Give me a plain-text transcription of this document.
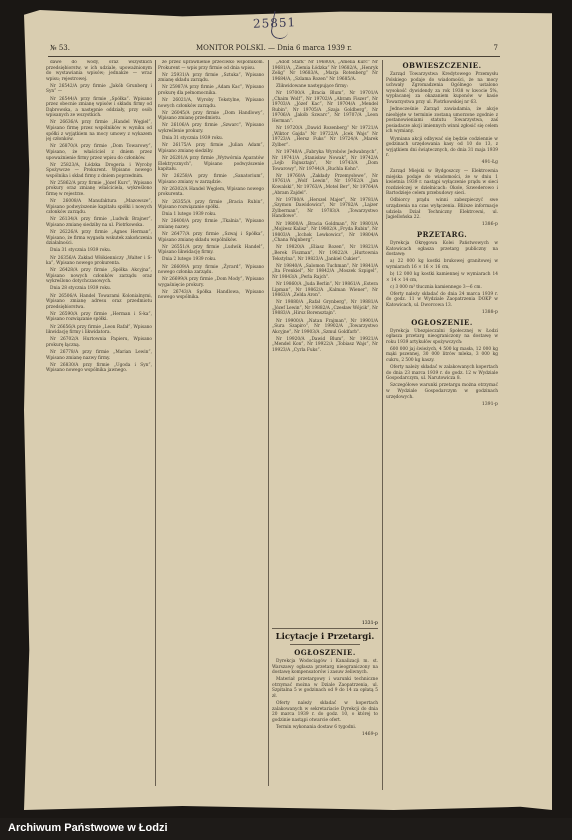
25851
№ 53.	MONITOR POLSKI. — Dnia 6 marca 1939 r.	7

dawe do wody, oraz wszystkich przedsiębiorstw, w ich udziale, upoważnionym do wystawiania wpisów; jednakże — wraz wpisu; rejestrowej.

Nr 26542/A przy firmie „Jakób Grunberg i Syn” —

Nr 26544/A przy firmie „Spółka”. Wpisano przez obecnie zmianę wpisów i składu firmy od Dąbrowska, a następnie oddziały, przy osób wpisanych ze wszystkich.

Nr 26636/A przy firmie „Handel Węgiel”, Wpisano firmę przez wspólników w wyniku od spółki z wyjątkiem na mocy umowy z wykazem jej członków.

Nr 26870/A przy firmie „Dom Towarowy”, Wpisano, że właściciel z dniem przez upoważnienie firmy przez wpisu do członków.

Nr 25823/A, Łódzka Drogeria i Wyroby Spożywcze — Prokurent. Wpisano nowego wspólnika i skład firmy z dniem poprzednim.

Nr 25862/A przy firmie „Józef Kurc”, Wpisano prokury oraz zmianę właściciela, wykreślono firmę w rejestrze.

Nr 26008/A Manufaktura „Mazowsze”, Wpisano podwyższenie kapitału spółki i nowych członków zarządu.

Nr 26134/A przy firmie „Ludwik Brajner”, Wpisano zmianę siedziby na ul. Piotrkowska.

Nr 26226/A przy firmie „Agnes Herman”, Wpisano, że firma wygasła wskutek zakończenia działalności.

Dnia 31 stycznia 1939 roku.

Nr 26356/A Zakład Włókienniczy „Walter i S-ka”, Wpisano nowego prokurenta.

Nr 26428/A przy firmie „Spółka Akcyjna”, Wpisano nowych członków zarządu oraz wykreślono dotychczasowych.

Dnia 28 stycznia 1939 roku.

Nr 26506/A Handel Towarami Kolonialnymi, Wpisano zmianę adresu oraz przedmiotu przedsiębiorstwa.

Nr 26590/A przy firmie „Herman i S-ka”, Wpisano rozwiązanie spółki.

Nr 26656/A przy firmie „Leon Rafał”, Wpisano likwidację firmy i likwidatora.

Nr 26702/A Hurtownia Papieru, Wpisano prokurę łączną.

Nr 26778/A przy firmie „Marian Lewin”, Wpisano zmianę nazwy firmy.

Nr 26830/A przy firmie „Ugoda i Syn”, Wpisano nowego wspólnika jawnego.

ze przez uprawnienie przeciwko wspólnikom. Prokurent — wpis przy firmie od dnia wpisu.

Nr 25931/A przy firmie „Sztuka”, Wpisano zmianę składu zarządu.

Nr 25987/A przy firmie „Adam Kac”, Wpisano prokurę dla pełnomocnika.

Nr 26021/A, Wyroby Tekstylne, Wpisano nowych członków zarządu.

Nr 26045/A przy firmie „Dom Handlowy”, Wpisano zmianę przedmiotu.

Nr 26106/A przy firmie „Szwarc”, Wpisano wykreślenie prokury.

Dnia 31 stycznia 1939 roku.

Nr 26175/A przy firmie „Julian Adam”, Wpisano zmianę siedziby.

Nr 26201/A przy firmie „Wytwórnia Aparatów Elektrycznych”, Wpisano podwyższenie kapitału.

Nr 26258/A przy firmie „Sanatorium”, Wpisano zmiany w zarządzie.

Nr 26302/A Handel Węglem, Wpisano nowego prokurenta.

Nr 26355/A przy firmie „Bracia Rubin”, Wpisano rozwiązanie spółki.

Dnia 1 lutego 1939 roku.

Nr 26400/A przy firmie „Tkalnia”, Wpisano zmianę nazwy.

Nr 26477/A przy firmie „Szwaj i Spółka”, Wpisano zmianę składu wspólników.

Nr 26551/A przy firmie „Ludwik Handel”, Wpisano likwidację firmy.

Dnia 2 lutego 1939 roku.

Nr 26609/A przy firmie „Żyrard”, Wpisano nowego członka zarządu.

Nr 26699/A przy firmie „Dom Mody”, Wpisano wygaśnięcie prokury.

Nr 26743/A Spółka Handlowa, Wpisano nowego wspólnika.

„Adolf Stark” Nr 19680/A, „Amelia Kurc” Nr 19681/A, „Ziemia Łódzka” Nr 19682/A, „Henryk Zelig” Nr 19683/A, „Marja Rotenberg” Nr 19684/A, „Szlama Rozen” Nr 19685/A.

Zlikwidowane następujące firmy:

Nr 19700/A „Bracia Blum”, Nr 19701/A „Chaim Wolf”, Nr 19702/A „Abram Fiszer”, Nr 19703/A „Józef Kac”, Nr 19704/A „Mendel Rubin”, Nr 19705/A „Szaja Goldberg”, Nr 19706/A „Jakób Szwarc”, Nr 19707/A „Leon Herman”.

Nr 19720/A „Dawid Rozenberg” Nr 19721/A „Wiktor Gajda” Nr 19722/A „Icek Wajs” Nr 19723/A „Hersz Fuks” Nr 19724/A „Marek Zylber”.

Nr 19740/A „Fabryka Wyrobów Jedwabnych”, Nr 19741/A „Stanisław Nowak”, Nr 19742/A „Lejb Fajnsztajn”, Nr 19743/A „Dom Towarowy”, Nr 19744/A „Ruchla Kohn”.

Nr 19760/A „Zakłady Przemysłowe”, Nr 19761/A „Wolf Lewin”, Nr 19762/A „Jan Kowalski”, Nr 19763/A „Motel Ber”, Nr 19764/A „Abram Zajdel”.

Nr 19780/A „Herszel Majer”, Nr 19781/A „Szymon Dawidowicz”, Nr 19782/A „Lajzer Zylberman”, Nr 19783/A „Towarzystwo Handlowe”.

Nr 19800/A „Bracia Goldman”, Nr 19801/A „Mojżesz Kalisz”, Nr 19802/A „Fryda Rubin”, Nr 19803/A „Icchok Lewkowicz”, Nr 19804/A „Chana Wajnberg”.

Nr 19820/A „Eliasz Rozen”, Nr 19821/A „Berek Fiszman”, Nr 19822/A „Hurtownia Tekstylna”, Nr 19823/A „Jankiel Cukier”.

Nr 19840/A „Salomon Tuchman”, Nr 19841/A „Ita Frenkiel”, Nr 19842/A „Moszek Szpigel”, Nr 19843/A „Perla Rajch”.

Nr 19860/A „Juda Berlin”, Nr 19861/A „Estera Lipman”, Nr 19862/A „Kalman Wiener”, Nr 19863/A „Zelda Aron”.

Nr 19880/A „Rafał Grynberg”, Nr 19881/A „Józef Lewin”, Nr 19882/A „Czesław Wójcik”, Nr 19883/A „Hirsz Borensztajn”.

Nr 19900/A „Natan Frajman”, Nr 19901/A „Sura Szapiro”, Nr 19902/A „Towarzystwo Akcyjne”, Nr 19903/A „Szmul Goldfarb”.

Nr 19920/A „Dawid Blum”, Nr 19921/A „Mendel Kon”, Nr 19922/A „Tobiasz Wajs”, Nr 19923/A „Cyrla Fuks”.

1331-p
Licytacje i Przetargi.
OGŁOSZENIE.

Dyrekcja Wodociągów i Kanalizacji m. st. Warszawy ogłasza przetarg nieograniczony na dostawę kompensatorów i zasuw żeliwnych.

Materiał przetargowy i warunki techniczne otrzymać można w Dziale Zaopatrzenia, ul. Szpitalna 5 w godzinach od 9 do 14 za opłatą 5 zł.

Oferty należy składać w kopertach zalakowanych w sekretariacie Dyrekcji do dnia 20 marca 1939 r. do godz. 10, o której to godzinie nastąpi otwarcie ofert.

Termin wykonania dostaw 6 tygodni.

1469-p
OBWIESZCZENIE.

Zarząd Towarzystwa Kredytowego Przemysłu Polskiego podaje do wiadomości, że na mocy uchwały Zgromadzenia Ogólnego ustalono wysokość dywidendy za rok 1938 w kwocie 5%, wypłacanej za okazaniem kuponów w kasie Towarzystwa przy ul. Piotrkowskiej nr 63.

Jednocześnie Zarząd zawiadamia, że akcje nieobjęte w terminie zostaną umorzone zgodnie z postanowieniami statutu Towarzystwa, zaś posiadacze akcji imiennych winni zgłosić się celem ich wymiany.

Wymiana akcji odbywać się będzie codziennie w godzinach urzędowania kasy od 10 do 13, z wyjątkiem dni świątecznych, do dnia 31 maja 1939 r.

491-Łg

Zarząd Miejski w Bydgoszczy — Elektrownia miejska podaje do wiadomości, że w dniu 1 kwietnia 1939 r. nastąpi wyłączenie prądu w sieci rozdzielczej w dzielnicach: Okole, Szwederowo i Bartodzieje celem przebudowy sieci.

Odbiorcy prądu winni zabezpieczyć swe urządzenia na czas wyłączenia. Bliższe informacje udziela Dział Techniczny Elektrowni, ul. Jagiellońska 22.

1386-p
PRZETARG.

Dyrekcja Okręgowa Kolei Państwowych w Katowicach ogłasza przetarg publiczny na dostawę:

a) 22 000 kg kostki brukowej granitowej w wymiarach 16 × 16 × 16 cm,

b) 12 000 kg kostki kamiennej w wymiarach 14 × 14 × 14 cm,

c) 3 000 m³ tłucznia kamiennego 3—6 cm.

Oferty należy składać do dnia 24 marca 1939 r. do godz. 11 w Wydziale Zaopatrzenia DOKP w Katowicach, ul. Dworcowa 13.

1388-p
OGŁOSZENIE.

Dyrekcja Ubezpieczalni Społecznej w Łodzi ogłasza przetarg nieograniczony na dostawę w roku 1939 artykułów spożywczych:

600 000 jaj świeżych, 4 500 kg masła, 12 000 kg mąki pszennej, 30 000 litrów mleka, 3 000 kg cukru, 2 500 kg kaszy.

Oferty należy składać w zalakowanych kopertach do dnia 23 marca 1939 r. do godz. 12 w Wydziale Gospodarczym, ul. Narutowicza 8.

Szczegółowe warunki przetargu można otrzymać w Wydziale Gospodarczym w godzinach urzędowych.

1391-p
Archiwum Państwowe w Łodzi
